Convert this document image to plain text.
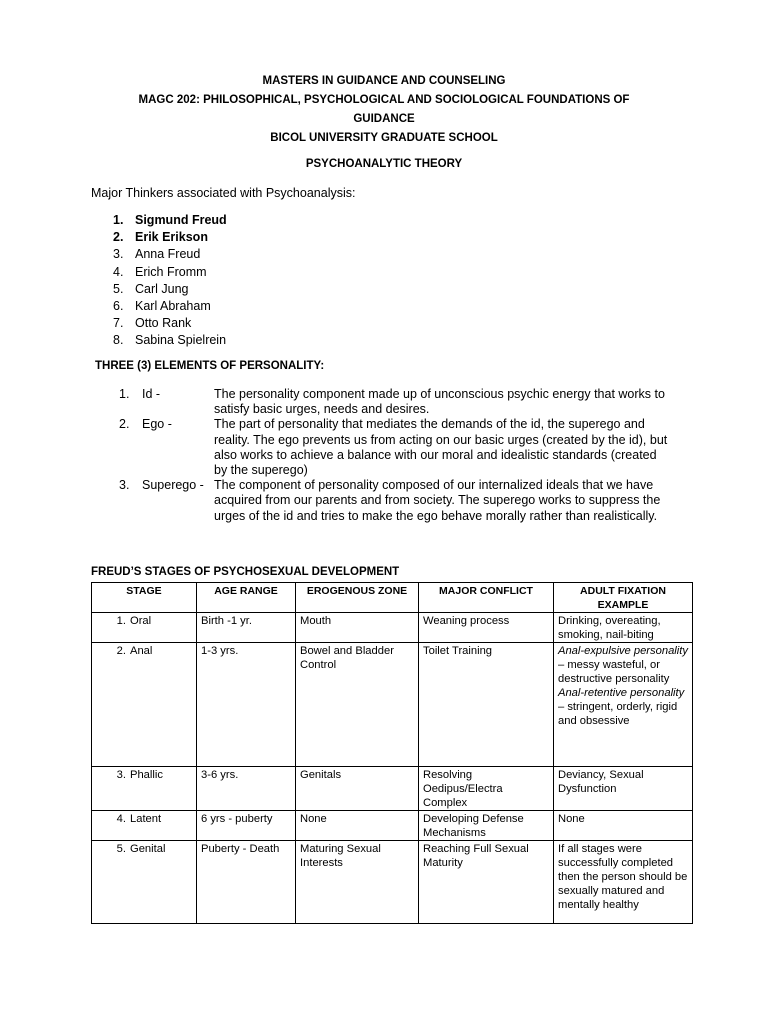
MASTERS IN GUIDANCE AND COUNSELING
MAGC 202: PHILOSOPHICAL, PSYCHOLOGICAL AND SOCIOLOGICAL FOUNDATIONS OF
GUIDANCE
BICOL UNIVERSITY GRADUATE SCHOOL
PSYCHOANALYTIC THEORY
Major Thinkers associated with Psychoanalysis:
1. Sigmund Freud
2. Erik Erikson
3. Anna Freud
4. Erich Fromm
5. Carl Jung
6. Karl Abraham
7. Otto Rank
8. Sabina Spielrein
THREE (3) ELEMENTS OF PERSONALITY:
1.	Id -	The personality component made up of unconscious psychic energy that works to satisfy basic urges, needs and desires.
2.	Ego -	The part of personality that mediates the demands of the id, the superego and reality. The ego prevents us from acting on our basic urges (created by the id), but also works to achieve a balance with our moral and idealistic standards (created by the superego)
3.	Superego - The component of personality composed of our internalized ideals that we have acquired from our parents and from society. The superego works to suppress the urges of the id and tries to make the ego behave morally rather than realistically.
FREUD’S STAGES OF PSYCHOSEXUAL DEVELOPMENT
STAGE	AGE RANGE	EROGENOUS ZONE	MAJOR CONFLICT	ADULT FIXATION EXAMPLE
1. Oral	Birth -1 yr.	Mouth	Weaning process	Drinking, overeating, smoking, nail-biting

2. Anal	1-3 yrs.	Bowel and Bladder Control	Toilet Training	Anal-expulsive personality – messy wasteful, or destructive personality
Anal-retentive personality – stringent, orderly, rigid and obsessive
3. Phallic	3-6 yrs.	Genitals	Resolving Oedipus/Electra Complex	Deviancy, Sexual Dysfunction

4. Latent	6 yrs - puberty	None	Developing Defense Mechanisms	None

5. Genital	Puberty - Death	Maturing Sexual Interests	Reaching Full Sexual Maturity	If all stages were successfully completed then the person should be sexually matured and mentally healthy
